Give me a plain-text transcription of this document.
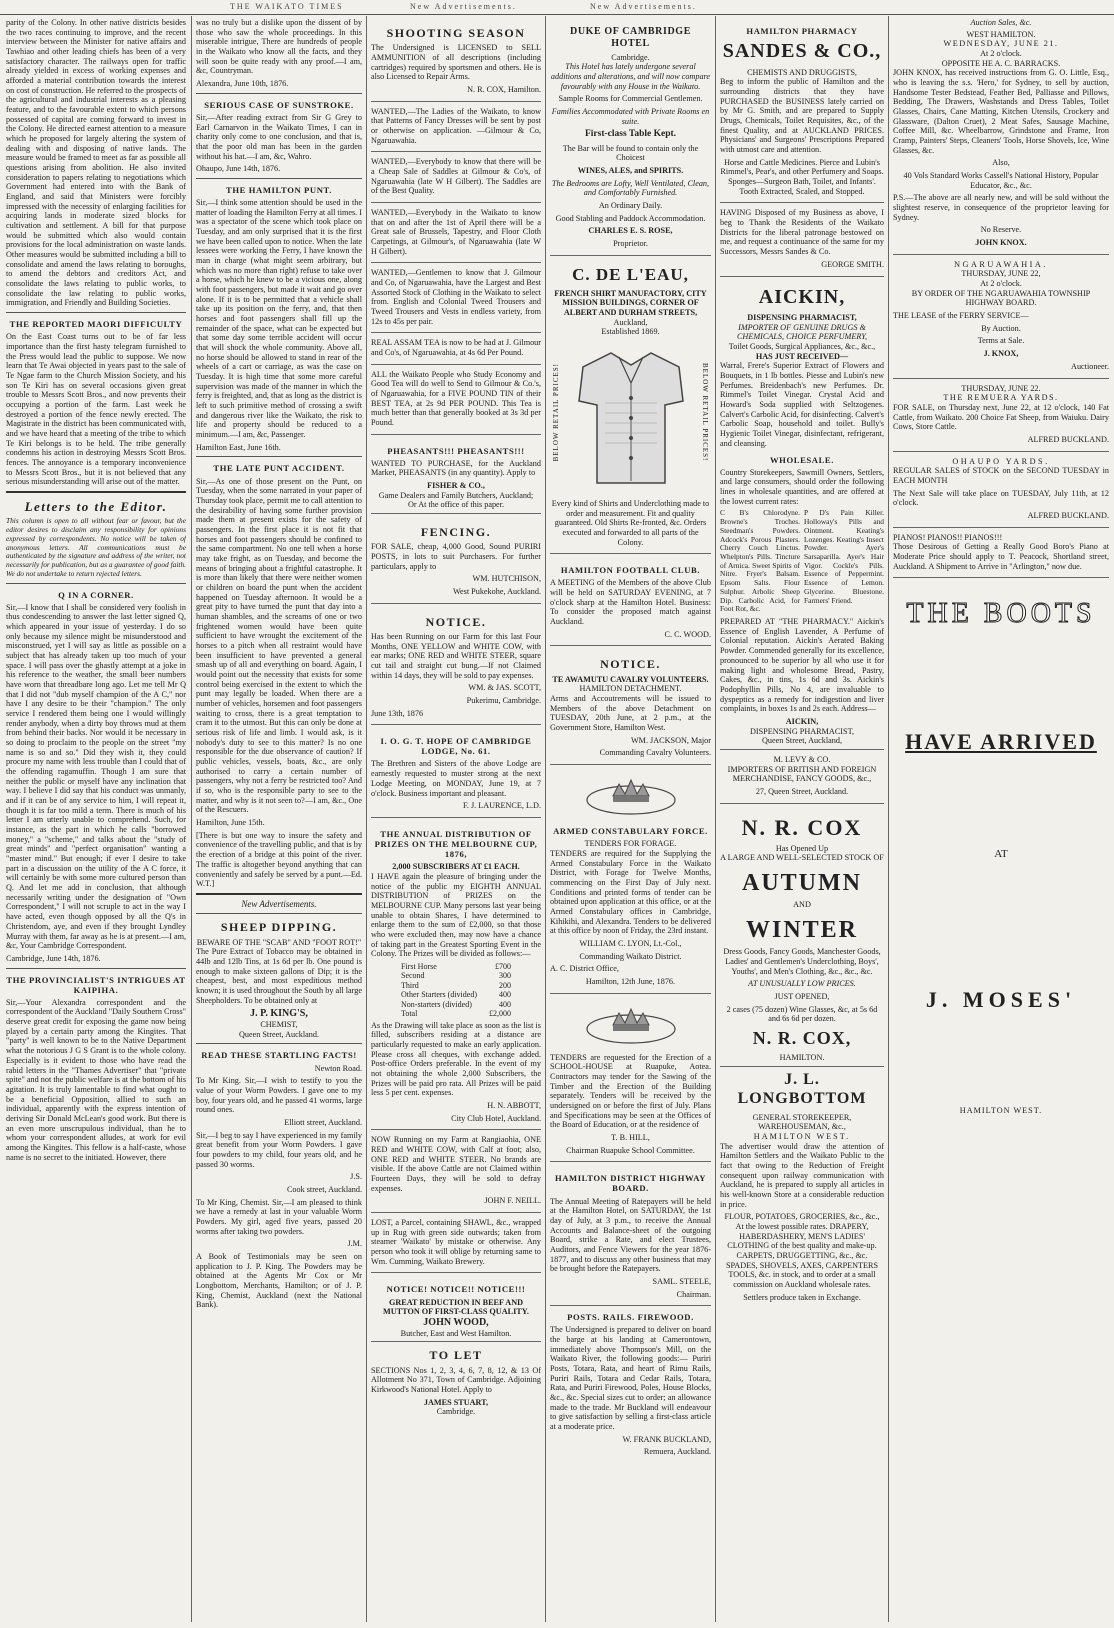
THE WAIKATO TIMES	New Advertisements.	New Advertisements.

parity of the Colony. In other native districts besides the two races continuing to improve, and the recent interview between the Minister for native affairs and Tawhiao and other leading chiefs has been of a very satisfactory character. The railways open for traffic already yielded in excess of working expenses and afforded a material contribution towards the interest on cost of construction. He referred to the prospects of the agricultural and industrial interests as a pleasing feature, and to the favourable extent to which persons possessed of capital are coming forward to invest in the Colony. He directed earnest attention to a measure which he proposed for largely altering the system of dealing with and disposing of native lands. The measure would be framed to meet as far as possible all questions arising from abolition. He also invited consideration to papers relating to negotiations which Government had entered into with the Bank of England, and said that Ministers were forcibly impressed with the necessity of enlarging facilities for acquiring lands in moderate sized blocks for cultivation and settlement. A bill for that purpose would be submitted which also would contain provisions for the local administration on waste lands. Other measures would be submitted including a bill to consolidate and amend the laws relating to boroughs, to amend the debtors and creditors Act, and consolidate the laws relating to public works, to consolidate the law relating to public works, immigration, and Friendly and Building Societies.

THE REPORTED MAORI DIFFICULTY

On the East Coast turns out to be of far less importance than the first hasty telegram furnished to the Press would lead the public to suppose. We now learn that Te Awai objected in years past to the sale of Te Ngae farm to the Church Mission Society, and his son Te Kiri has on several occasions given great trouble to Messrs Scott Bros., and now prevents their occupying a portion of the farm. Last week he destroyed a portion of the fence newly erected. The Magistrate in the district has been communicated with, and we have heard that a meeting of the tribe to which Te Kiri belongs is to be held. The tribe generally condemns his action in destroying Messrs Scott Bros. fences. The annoyance is a temporary inconvenience to Messrs Scott Bros., but it is not believed that any serious misunderstanding will arise out of the matter.

Letters to the Editor.

This column is open to all without fear or favour, but the editor desires to disclaim any responsibility for opinions expressed by correspondents. No notice will be taken of anonymous letters. All communications must be authenticated by the signature and address of the writer, not necessarily for publication, but as a guarantee of good faith. We do not undertake to return rejected letters.

Q IN A CORNER.

Sir,—I know that I shall be considered very foolish in thus condescending to answer the last letter signed Q, which appeared in your issue of yesterday. I do so only because my silence might be misunderstood and misconstrued, yet I will say as little as possible on a subject that has already taken up too much of your space. I will pass over the ghastly attempt at a joke in his reference to the weather, the small beer numbers have worn that threadbare long ago. Let me tell Mr Q that I did not "dub myself champion of the A C," nor have I any desire to be their "champion." The only service I rendered them being one I would willingly render anybody, when a dirty boy throws mud at them from behind their backs. Nor would it be necessary in so doing to proclaim to the people on the street "my name is so and so." Did they wish it, they could procure my name with less trouble than I could that of the offending ragamuffin. Though I am sure that neither the public or myself have any inclination that way. I believe I did say that his conduct was unmanly, and if it can be of any service to him, I will repeat it, though it is far too mild a term. There is much of his letter I am utterly unable to comprehend. Such, for instance, as the part in which he calls "borrowed money," a "scheme," and talks about the "study of great minds" and "perfect organisation" wanting a "master mind." But enough; if ever I desire to take part in a discussion on the utility of the A C force, it will certainly be with some more cultured person than Q. And let me add in conclusion, that although necessarily writing under the designation of "Own Correspondent," I will not scruple to act in the way I have acted, even though opposed by all the Q's in Christendom, aye, and even if they brought Lyndley Murray with them, far away as he is at present.—I am, &c, Your Cambridge Correspondent.

Cambridge, June 14th, 1876.

THE PROVINCIALIST'S INTRIGUES AT KAIPIHA.

Sir,—Your Alexandra correspondent and the correspondent of the Auckland "Daily Southern Cross" deserve great credit for exposing the game now being played by a certain party among the Kingites. That "party" is well known to be to the Native Department what the notorious J G S Grant is to the whole colony. Especially is it evident to those who have read the rabid letters in the "Thames Advertiser" that "private spite" and not the public welfare is at the bottom of his agitation. It is truly lamentable to find what ought to be a beneficial Opposition, allied to such an individual, apparently with the express intention of deriving Sir Donald McLean's good work. But there is an even more unscrupulous individual, than he to whom your correspondent alludes, at work for evil among the Kingites. This fellow is a half-caste, whose name is no secret to the initiated. However, there

was no truly but a dislike upon the dissent of by those who saw the whole proceedings. In this miserable intrigue, There are hundreds of people in the Waikato who know all the facts, and they will soon be quite ready with any proof.—I am, &c, Countryman.

Alexandra, June 10th, 1876.

SERIOUS CASE OF SUNSTROKE.

Sir,—After reading extract from Sir G Grey to Earl Carnarvon in the Waikato Times, I can in charity only come to one conclusion, and that is, that the poor old man has been in the garden without his hat.—I am, &c, Wahro.

Ohaupo, June 14th, 1876.

THE HAMILTON PUNT.

Sir,—I think some attention should be used in the matter of loading the Hamilton Ferry at all times. I was a spectator of the scene which took place on Tuesday, and am only surprised that it is the first we have been called upon to notice. When the late lessees were working the Ferry, I have known the man in charge (what might seem arbitrary, but which was no more than right) refuse to take over a horse, which he knew to be a vicious one, along with foot passengers, but made it wait and go over alone. If it is to be permitted that a vehicle shall take up its position on the ferry, and, that then horses and foot passengers shall fill up the remainder of the space, what can be expected but that some day some terrible accident will occur that will shock the whole community. Above all, no horse should be allowed to stand in rear of the wheels of a cart or carriage, as was the case on Tuesday. It is high time that some more careful supervision was made of the manner in which the ferry is freighted, and, that as long as the district is left to such primitive method of crossing a swift and dangerous river like the Waikato, the risk to life and property should be reduced to a minimum.—I am, &c, Passenger.

Hamilton East, June 16th.

THE LATE PUNT ACCIDENT.

Sir,—As one of those present on the Punt, on Tuesday, when the some narrated in your paper of Thursday took place, permit me to call attention to the desirability of having some further provision made them at present exists for the safety of passengers. In the first place it is not fit that horses and foot passengers should be confined to the same compartment. No one tell when a horse may take fright, as on Tuesday, and become the means of bringing about a frightful catastrophe. It is more than likely that there were neither women or children on board the punt when the accident happened on Tuesday afternoon. It would be a great pity to have turned the punt that day into a human shambles, and the screams of one or two frightened women would have been quite sufficient to have wrought the excitement of the horses to a pitch when all restraint would have been insufficient to have prevented a general smash up of all and everything on board. Again, I would point out the necessity that exists for some control being exercised in the extent to which the punt may legally be loaded. When there are a number of vehicles, horsemen and foot passengers waiting to cross, there is a great temptation to cram it to the utmost. But this can only be done at serious risk of life and limb. I would ask, is it nobody's duty to see to this matter? Is no one responsible for the due observance of caution? If public vehicles, vessels, boats, &c., are only authorised to carry a certain number of passengers, why not a ferry be restricted too? And if so, who is the responsible party to see to the matter, and why is it not seen to?—I am, &c., One of the Rescuers.

Hamilton, June 15th.

[There is but one way to insure the safety and convenience of the travelling public, and that is by the erection of a bridge at this point of the river. The traffic is altogether beyond anything that can conveniently and safely be served by a punt.—Ed. W.T.]

New Advertisements.
SHEEP DIPPING.
BEWARE OF THE "SCAB" AND "FOOT ROT!"

The Pure Extract of Tobacco may be obtained in 44lb and 12lb Tins, at 1s 6d per lb. One pound is enough to make sixteen gallons of Dip; it is the cheapest, best, and most expeditious method known; it is used throughout the South by all large Sheepholders. To be obtained only at

J. P. KING'S,
CHEMIST,
Queen Street, Auckland.
READ THESE STARTLING FACTS!

Newton Road.

To Mr King. Sir,—I wish to testify to you the value of your Worm Powders. I gave one to my boy, four years old, and he passed 41 worms, large round ones.

Elliott street, Auckland.

Sir,—I beg to say I have experienced in my family great benefit from your Worm Powders. I gave four powders to my child, four years old, and he passed 30 worms.

J.S.

Cook street, Auckland.

To Mr King, Chemist. Sir,—I am pleased to think we have a remedy at last in your valuable Worm Powders. My girl, aged five years, passed 20 worms after taking two powders.

J.M.

A Book of Testimonials may be seen on application to J. P. King. The Powders may be obtained at the Agents Mr Cox or Mr Longbottom, Merchants, Hamilton; or of J. P. King, Chemist, Auckland (next the National Bank).

SHOOTING SEASON

The Undersigned is LICENSED to SELL AMMUNITION of all descriptions (including cartridges) required by sportsmen and others. He is also Licensed to Repair Arms.

N. R. COX, Hamilton.

WANTED,—The Ladies of the Waikato, to know that Patterns of Fancy Dresses will be sent by post or otherwise on application. —Gilmour & Co, Ngaruawahia.

WANTED,—Everybody to know that there will be a Cheap Sale of Saddles at Gilmour & Co's, of Ngaruawahia (late W H Gilbert). The Saddles are of the Best Quality.

WANTED,—Everybody in the Waikato to know that on and after the 1st of April there will be a Great sale of Brussels, Tapestry, and Floor Cloth Carpetings, at Gilmour's, of Ngaruawahia (late W H Gilbert).

WANTED,—Gentlemen to know that J. Gilmour and Co, of Ngaruawahia, have the Largest and Best Assorted Stock of Clothing in the Waikato to select from. English and Colonial Tweed Trousers and Tweed Trousers and Vests in endless variety, from 12s to 45s per pair.

REAL ASSAM TEA is now to be had at J. Gilmour and Co's, of Ngaruawahia, at 4s 6d Per Pound.

ALL the Waikato People who Study Economy and Good Tea will do well to Send to Gilmour & Co.'s, of Ngaruawahia, for a FIVE POUND TIN of their BEST TEA, at 2s 9d PER POUND. This Tea is much better than that generally booked at 3s 3d per Pound.

PHEASANTS!!! PHEASANTS!!!

WANTED TO PURCHASE, for the Auckland Market, PHEASANTS (in any quantity). Apply to

FISHER & CO.,
Game Dealers and Family Butchers, Auckland;
Or At the office of this paper.
FENCING.

FOR SALE, cheap, 4,000 Good, Sound PURIRI POSTS, in lots to suit Purchasers. For further particulars, apply to

WM. HUTCHISON,

West Pukekohe, Auckland.

NOTICE.

Has been Running on our Farm for this last Four Months, ONE YELLOW and WHITE COW, with ear marks; ONE RED and WHITE STEER, square cut tail and straight cut bung.—If not Claimed within 14 days, they will be sold to pay expenses.

WM. & JAS. SCOTT,

Pukerimu, Cambridge.

June 13th, 1876

I. O. G. T. HOPE OF CAMBRIDGE LODGE, No. 61.

The Brethren and Sisters of the above Lodge are earnestly requested to muster strong at the next Lodge Meeting, on MONDAY, June 19, at 7 o'clock. Business important and pleasant.

F. J. LAURENCE, L.D.

THE ANNUAL DISTRIBUTION OF PRIZES ON THE MELBOURNE CUP, 1876,
2,000 SUBSCRIBERS AT £1 EACH.

I HAVE again the pleasure of bringing under the notice of the public my EIGHTH ANNUAL DISTRIBUTION of PRIZES on the MELBOURNE CUP. Many persons last year being unable to obtain Shares, I have determined to enlarge them to the sum of £2,000, so that those who were excluded then, may now have a chance of taking part in the Greatest Sporting Event in the Colony. The Prizes will be divided as follows:—

First Horse	£700
Second	300
Third	200
Other Starters (divided)	400
Non-starters (divided)	400
Total	£2,000

As the Drawing will take place as soon as the list is filled, subscribers residing at a distance are particularly requested to make an early application. Please cross all cheques, with exchange added. Post-office Orders preferable. In the event of my not obtaining the whole 2,000 Subscribers, the Prizes will be paid pro rata. All Prizes will be paid less 5 per cent. expenses.

H. N. ABBOTT,

City Club Hotel, Auckland.

NOW Running on my Farm at Rangiaohia, ONE RED and WHITE COW, with Calf at foot; also, ONE RED and WHITE STEER. No brands are visible. If the above Cattle are not Claimed within Fourteen Days, they will be sold to defray expenses.

JOHN F. NEILL.

LOST, a Parcel, containing SHAWL, &c., wrapped up in Rug with green side outwards; taken from steamer 'Waikato' by mistake or otherwise. Any person who took it will oblige by returning same to Wm. Cumming, Waikato Brewery.

NOTICE! NOTICE!! NOTICE!!!
GREAT REDUCTION IN BEEF AND MUTTON OF FIRST-CLASS QUALITY.
JOHN WOOD,
Butcher, East and West Hamilton.
TO LET

SECTIONS Nos 1, 2, 3, 4, 6, 7, 8, 12, & 13 Of Allotment No 371, Town of Cambridge. Adjoining Kirkwood's National Hotel. Apply to

JAMES STUART,
Cambridge.
DUKE OF CAMBRIDGE HOTEL
Cambridge.

This Hotel has lately undergone several additions and alterations, and will now compare favourably with any House in the Waikato.

Sample Rooms for Commercial Gentlemen.

Families Accommodated with Private Rooms en suite.

First-class Table Kept.

The Bar will be found to contain only the Choicest

WINES, ALES, and SPIRITS.

The Bedrooms are Lofty, Well Ventilated, Clean, and Comfortably Furnished.

An Ordinary Daily.

Good Stabling and Paddock Accommodation.

CHARLES E. S. ROSE,

Proprietor.

C. DE L'EAU,
FRENCH SHIRT MANUFACTORY, CITY MISSION BUILDINGS, CORNER OF ALBERT AND DURHAM STREETS,
Auckland,
Established 1869.
BELOW RETAIL PRICES!	BELOW RETAIL PRICES!

Every kind of Shirts and Underclothing made to order and measurement. Fit and quality guaranteed. Old Shirts Re-fronted, &c. Orders executed and forwarded to all parts of the Colony.

HAMILTON FOOTBALL CLUB.

A MEETING of the Members of the above Club will be held on SATURDAY EVENING, at 7 o'clock sharp at the Hamilton Hotel. Business: To consider the proposed match against Auckland.

C. C. WOOD.

NOTICE.
TE AWAMUTU CAVALRY VOLUNTEERS.
HAMILTON DETACHMENT.

Arms and Accoutrements will be issued to Members of the above Detachment on TUESDAY, 20th June, at 2 p.m., at the Government Store, Hamilton West.

WM. JACKSON, Major

Commanding Cavalry Volunteers.

ARMED CONSTABULARY FORCE.
TENDERS FOR FORAGE.

TENDERS are required for the Supplying the Armed Constabulary Force in the Waikato District, with Forage for Twelve Months, commencing on the First Day of July next. Conditions and printed forms of tender can be obtained upon application at this office, or at the Armed Constabulary offices in Cambridge, Kihikihi, and Alexandra. Tenders to be delivered at this office by noon of Friday, the 23rd instant.

WILLIAM C. LYON, Lt.-Col.,

Commanding Waikato District.

A. C. District Office,

Hamilton, 12th June, 1876.

TENDERS are requested for the Erection of a SCHOOL-HOUSE at Ruapuke, Aotea. Contractors may tender for the Sawing of the Timber and the Erection of the Building separately. Tenders will be received by the undersigned on or before the first of July. Plans and Specifications may be seen at the Offices of the Board of Education, or at the residence of

T. B. HILL,

Chairman Ruapuke School Committee.

HAMILTON DISTRICT HIGHWAY BOARD.

The Annual Meeting of Ratepayers will be held at the Hamilton Hotel, on SATURDAY, the 1st day of July, at 3 p.m., to receive the Annual Accounts and Balance-sheet of the outgoing Board, strike a Rate, and elect Trustees, Auditors, and Fence Viewers for the year 1876-1877, and to discuss any other business that may be brought before the Ratepayers.

SAML. STEELE,

Chairman.

POSTS. RAILS. FIREWOOD.

The Undersigned is prepared to deliver on board the barge at his landing at Camerontown, immediately above Thompson's Mill, on the Waikato River, the following goods:— Puriri Posts, Totara, Rata, and heart of Rimu Rails, Puriri Rails, Totara and Cedar Rails, Totara, Rata, and Puriri Firewood, Poles, House Blocks, &c., &c. Special sizes cut to order; an allowance made to the trade. Mr Buckland will endeavour to give satisfaction by selling a first-class article at a moderate price.

W. FRANK BUCKLAND,

Remuera, Auckland.

HAMILTON PHARMACY
SANDES & CO.,
CHEMISTS AND DRUGGISTS,

Beg to inform the public of Hamilton and the surrounding districts that they have PURCHASED the BUSINESS lately carried on by Mr G. Smith, and are prepared to Supply Drugs, Chemicals, Toilet Requisites, &c., of the finest Quality, and at AUCKLAND PRICES. Physicians' and Surgeons' Prescriptions Prepared with utmost care and attention.

Horse and Cattle Medicines. Pierce and Lubin's Rimmel's, Pear's, and other Perfumery and Soaps. Sponges—Surgeon Bath, Toilet, and Infants'. Tooth Extracted, Scaled, and Stopped.

HAVING Disposed of my Business as above, I beg to Thank the Residents of the Waikato Districts for the liberal patronage bestowed on me, and request a continuance of the same for my Successors, Messrs Sandes & Co.

GEORGE SMITH.

AICKIN,
DISPENSING PHARMACIST,
IMPORTER OF GENUINE DRUGS & CHEMICALS, CHOICE PERFUMERY,
Toilet Goods, Surgical Appliances, &c., &c.,
HAS JUST RECEIVED—

Warral, Frere's Superior Extract of Flowers and Bouquets, in 1 lb bottles. Piesse and Lubin's new Perfumes. Breidenbach's new Perfumes. Dr. Rimmel's Toilet Vinegar. Crystal Acid and Howard's Soda supplied with Seltzogenes. Calvert's Carbolic Acid, for disinfecting. Calvert's Carbolic Soap, household and toilet. Bully's Hygienic Toilet Vinegar, disinfectant, refrigerant, and cleansing.

WHOLESALE.

Country Storekeepers, Sawmill Owners, Settlers, and large consumers, should order the following lines in wholesale quantities, and are offered at the lowest current rates:

C B's Chlorodyne. Browne's Troches. Steedman's Powders. Adcock's Porous Plasters. Cherry Couch Linctus. Whelpton's Pills. Tincture of Arnica. Sweet Spirits of Nitre. Fryer's Balsam. Epsom Salts. Flour Sulphur. Arbolic Sheep Dip. Carbolic Acid, for Foot Rot, &c.

P D's Pain Killer. Holloway's Pills and Ointment. Keating's Lozenges. Keating's Insect Powder. Ayer's Sarsaparilla. Ayer's Hair Vigor. Cockle's Pills. Essence of Peppermint. Essence of Lemon. Glycerine. Bluestone. Farmers' Friend.

PREPARED AT "THE PHARMACY." Aickin's Essence of English Lavender, A Perfume of Colonial reputation. Aickin's Aerated Baking Powder. Commended generally for its excellence, pronounced to be superior by all who use it for making light and wholesome Bread, Pastry, Cakes, &c., in tins, 1s 6d and 3s. Aickin's Podophyllin Pills, No 4, are invaluable to dyspeptics as a remedy for indigestion and liver complaints, in boxes 1s and 2s each. Address—

AICKIN,
DISPENSING PHARMACIST,
Queen Street, Auckland,
M. LEVY & CO.

IMPORTERS OF BRITISH AND FOREIGN MERCHANDISE, FANCY GOODS, &c.,

27, Queen Street, Auckland.

N. R. COX
Has Opened Up
A LARGE AND WELL-SELECTED STOCK OF
AUTUMN
AND
WINTER

Dress Goods, Fancy Goods, Manchester Goods, Ladies' and Gentlemen's Underclothing, Boys', Youths', and Men's Clothing, &c., &c., &c.

AT UNUSUALLY LOW PRICES.

JUST OPENED,

2 cases (75 dozen) Wine Glasses, &c, at 5s 6d and 6s 6d per dozen.

N. R. COX,
HAMILTON.
J. L. LONGBOTTOM
GENERAL STOREKEEPER,
WAREHOUSEMAN, &c.,
HAMILTON WEST.

The advertiser would draw the attention of Hamilton Settlers and the Waikato Public to the fact that owing to the Reduction of Freight consequent upon railway communication with Auckland, he is prepared to supply all articles in his well-known Store at a considerable reduction in price.

FLOUR, POTATOES, GROCERIES, &c., &c., At the lowest possible rates. DRAPERY, HABERDASHERY, MEN'S LADIES' CLOTHING of the best quality and make-up. CARPETS, DRUGGETTING, &c., &c. SPADES, SHOVELS, AXES, CARPENTERS TOOLS, &c. in stock, and to order at a small commission on Auckland wholesale rates.

Settlers produce taken in Exchange.

Auction Sales, &c.
WEST HAMILTON.
WEDNESDAY, JUNE 21.
At 2 o'clock.
OPPOSITE HE A. C. BARRACKS.

JOHN KNOX, has received instructions from G. O. Little, Esq., who is leaving the s.s. 'Hero,' for Sydney, to sell by auction, Handsome Tester Bedstead, Feather Bed, Palliasse and Pillows, Bedding, The Drawers, Washstands and Dress Tables, Toilet Glasses, Chairs, Cane Matting, Kitchen Utensils, Crockery and Glassware, (Dalton Cruet), 2 Meat Safes, Sausage Machine, Coffee Mill, &c. Wheelbarrow, Grindstone and Frame, Iron Cramp, Painters' Steps, Cleaners' Tools, Horse Shovels, Ice, Wine Glasses, &c.

Also,

40 Vols Standard Works Cassell's National History, Popular Educator, &c., &c.

P.S.—The above are all nearly new, and will be sold without the slightest reserve, in consequence of the proprietor leaving for Sydney.

No Reserve.

JOHN KNOX.

NGARUAWAHIA.
THURSDAY, JUNE 22,
At 2 o'clock.

BY ORDER OF THE NGARUAWAHIA TOWNSHIP HIGHWAY BOARD.

THE LEASE of the FERRY SERVICE—

By Auction.

Terms at Sale.

J. KNOX,

Auctioneer.

THURSDAY, JUNE 22.
THE REMUERA YARDS.

FOR SALE, on Thursday next, June 22, at 12 o'clock, 140 Fat Cattle, from Waikato. 200 Choice Fat Sheep, from Waiuku. Dairy Cows, Store Cattle.

ALFRED BUCKLAND.

OHAUPO YARDS.

REGULAR SALES of STOCK on the SECOND TUESDAY in EACH MONTH

The Next Sale will take place on TUESDAY, July 11th, at 12 o'clock.

ALFRED BUCKLAND.

PIANOS! PIANOS!! PIANOS!!!

Those Desirous of Getting a Really Good Boro's Piano at Moderate Price should apply to T. Peacock, Shortland street, Auckland. A Shipment to Arrive in "Arlington," now due.

THE BOOTS
HAVE ARRIVED
AT
J. MOSES'
HAMILTON WEST.
